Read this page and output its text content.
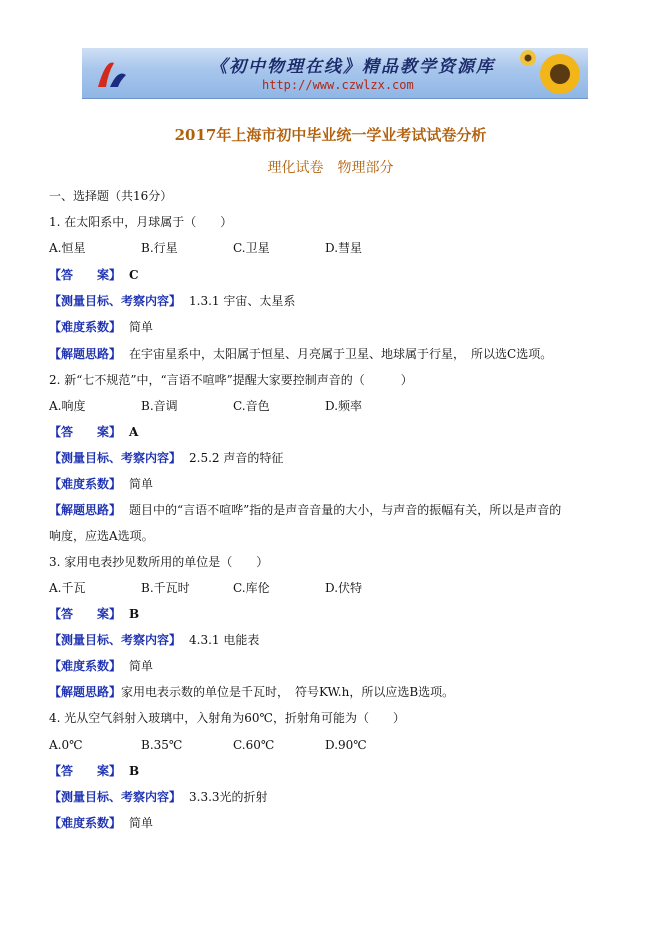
《初中物理在线》精品教学资源库
http://www.czwlzx.com
2017年上海市初中毕业统一学业考试试卷分析
理化试卷　物理部分
一、选择题（共16分）
1. 在太阳系中，月球属于（　　）
A.恒星	B.行星	C.卫星	D.彗星
【答　　案】 C
【测量目标、考察内容】 1.3.1 宇宙、太星系
【难度系数】 简单
【解题思路】 在宇宙星系中，太阳属于恒星、月亮属于卫星、地球属于行星，　所以选C选项。
2. 新“七不规范”中，“言语不喧哗”提醒大家要控制声音的（　　　）
A.响度	B.音调	C.音色	D.频率
【答　　案】 A
【测量目标、考察内容】 2.5.2 声音的特征
【难度系数】 简单
【解题思路】 题目中的“言语不喧哗”指的是声音音量的大小，与声音的振幅有关，所以是声音的
响度，应选A选项。
3. 家用电表抄见数所用的单位是（　　）
A.千瓦	B.千瓦时	C.库伦	D.伏特
【答　　案】 B
【测量目标、考察内容】 4.3.1 电能表
【难度系数】 简单
【解题思路】家用电表示数的单位是千瓦时，　符号KW.h，所以应选B选项。
4. 光从空气斜射入玻璃中，入射角为60℃，折射角可能为（　　）
A.0℃	B.35℃	C.60℃	D.90℃
【答　　案】 B
【测量目标、考察内容】 3.3.3光的折射
【难度系数】 简单
